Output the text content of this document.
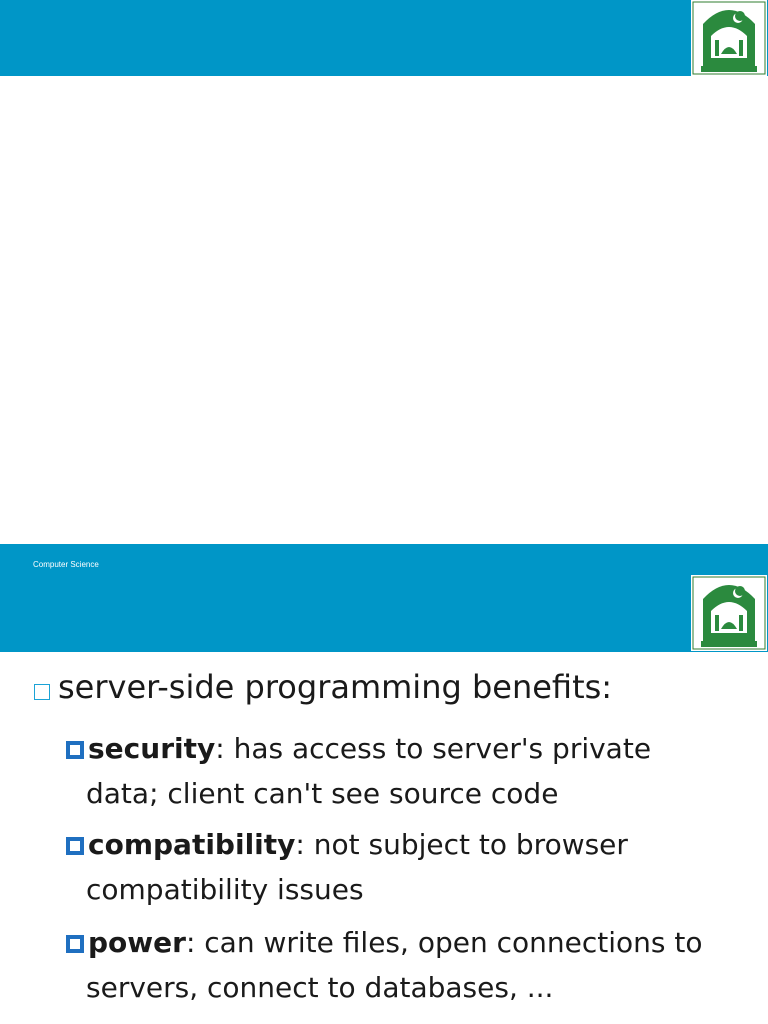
Computer Science
server-side programming benefits:
security: has access to server's private
data; client can't see source code
compatibility: not subject to browser
compatibility issues
power: can write files, open connections to
servers, connect to databases, ...
